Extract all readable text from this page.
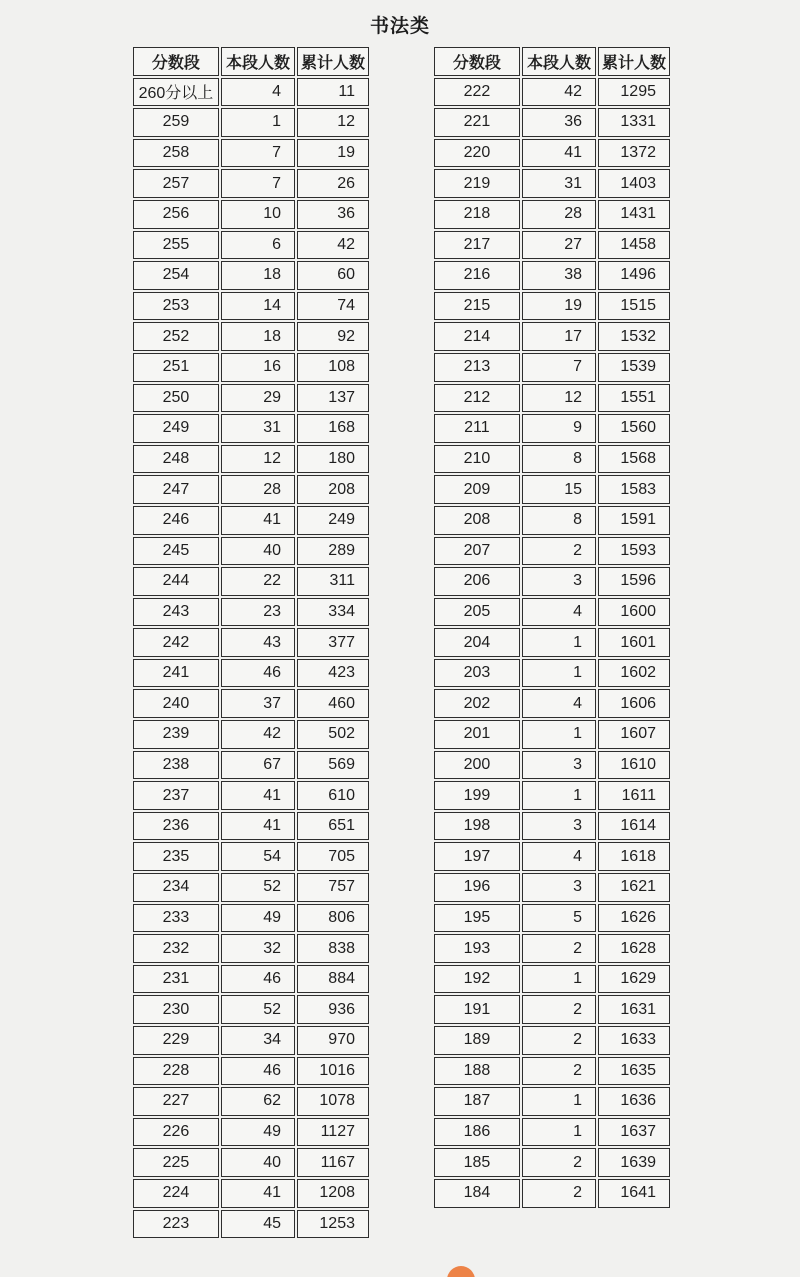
书法类
分数段	本段人数	累计人数
260分以上	4	11
259	1	12
258	7	19
257	7	26
256	10	36
255	6	42
254	18	60
253	14	74
252	18	92
251	16	108
250	29	137
249	31	168
248	12	180
247	28	208
246	41	249
245	40	289
244	22	311
243	23	334
242	43	377
241	46	423
240	37	460
239	42	502
238	67	569
237	41	610
236	41	651
235	54	705
234	52	757
233	49	806
232	32	838
231	46	884
230	52	936
229	34	970
228	46	1016
227	62	1078
226	49	1127
225	40	1167
224	41	1208
223	45	1253
分数段	本段人数	累计人数
222	42	1295
221	36	1331
220	41	1372
219	31	1403
218	28	1431
217	27	1458
216	38	1496
215	19	1515
214	17	1532
213	7	1539
212	12	1551
211	9	1560
210	8	1568
209	15	1583
208	8	1591
207	2	1593
206	3	1596
205	4	1600
204	1	1601
203	1	1602
202	4	1606
201	1	1607
200	3	1610
199	1	1611
198	3	1614
197	4	1618
196	3	1621
195	5	1626
193	2	1628
192	1	1629
191	2	1631
189	2	1633
188	2	1635
187	1	1636
186	1	1637
185	2	1639
184	2	1641
